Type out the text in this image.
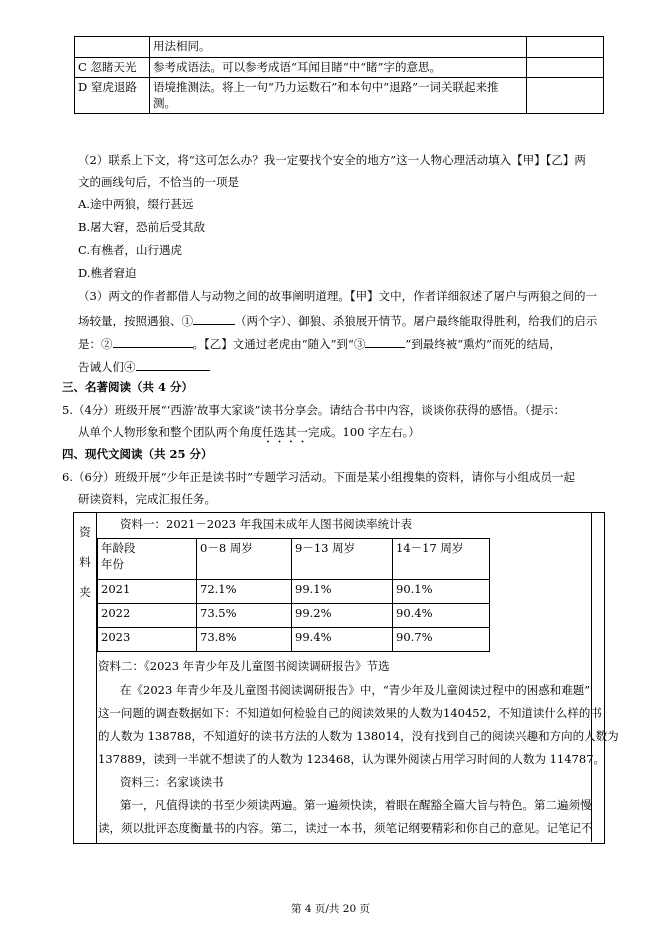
	用法相同。	
C 忽睹天光	参考成语法。可以参考成语“耳闻目睹”中“睹”字的意思。	
D 窒虎退路	语境推测法。将上一句“乃力运数石”和本句中“退路”一词关联起来推
测。	

（2）联系上下文，将“这可怎么办？我一定要找个安全的地方”这一人物心理活动填入【甲】【乙】两
文的画线句后，不恰当的一项是
A.途中两狼，缀行甚远
B.屠大窘，恐前后受其敌
C.有樵者，山行遇虎
D.樵者窘迫
（3）两文的作者都借人与动物之间的故事阐明道理。【甲】文中，作者详细叙述了屠户与两狼之间的一
场较量，按照遇狼、①	（两个字）、御狼、杀狼展开情节。屠户最终能取得胜利，给我们的启示
是：②	。【乙】文通过老虎由“随入”到“③	”到最终被“熏灼”而死的结局，
告诫人们④
三、名著阅读（共 4 分）
5.（4分）班级开展“‘西游’故事大家谈”读书分享会。请结合书中内容，谈谈你获得的感悟。（提示：
从单个人物形象和整个团队两个角度任选其一完成。100 字左右。）
四、现代文阅读（共 25 分）
6.（6分）班级开展“少年正是读书时”专题学习活动。下面是某小组搜集的资料，请你与小组成员一起
研读资料，完成汇报任务。
资
料
夹
资料一：2021－2023 年我国未成年人图书阅读率统计表
年龄段
年份	0－8 周岁	9－13 周岁	14－17 周岁
2021	72.1%	99.1%	90.1%
2022	73.5%	99.2%	90.4%
2023	73.8%	99.4%	90.7%
资料二：《2023 年青少年及儿童图书阅读调研报告》节选
在《2023 年青少年及儿童图书阅读调研报告》中，“青少年及儿童阅读过程中的困惑和难题”
这一问题的调查数据如下：不知道如何检验自己的阅读效果的人数为140452，不知道读什么样的书
的人数为 138788，不知道好的读书方法的人数为 138014，没有找到自己的阅读兴趣和方向的人数为
137889，读到一半就不想读了的人数为 123468，认为课外阅读占用学习时间的人数为 114787。
资料三：名家谈读书
第一，凡值得读的书至少须读两遍。第一遍须快读，着眼在醒豁全篇大旨与特色。第二遍须慢
读，须以批评态度衡量书的内容。第二，读过一本书，须笔记纲要精彩和你自己的意见。记笔记不
第 4 页/共 20 页
